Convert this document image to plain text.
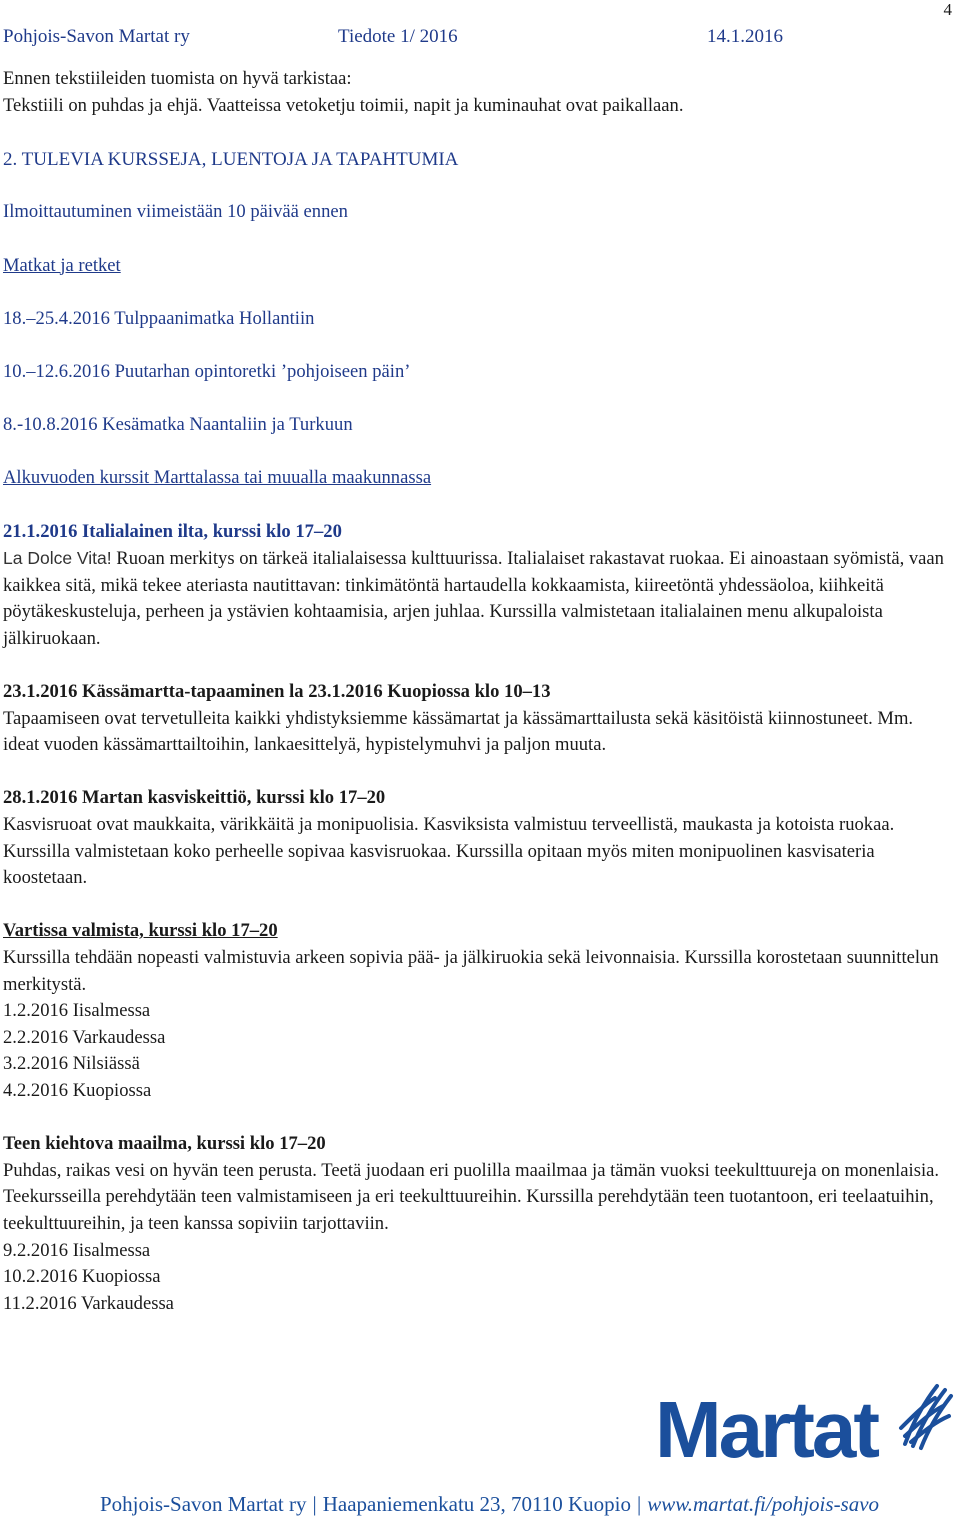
Pohjois-Savon Martat ry	Tiedote 1/ 2016	14.1.2016
4

Ennen tekstiileiden tuomista on hyvä tarkistaa:

Tekstiili on puhdas ja ehjä. Vaatteissa vetoketju toimii, napit ja kuminauhat ovat paikallaan.

2. TULEVIA KURSSEJA, LUENTOJA JA TAPAHTUMIA

Ilmoittautuminen viimeistään 10 päivää ennen

Matkat ja retket

18.–25.4.2016 Tulppaanimatka Hollantiin

10.–12.6.2016 Puutarhan opintoretki ’pohjoiseen päin’

8.-10.8.2016 Kesämatka Naantaliin ja Turkuun

Alkuvuoden kurssit Marttalassa tai muualla maakunnassa

21.1.2016 Italialainen ilta, kurssi klo 17–20

La Dolce Vita! Ruoan merkitys on tärkeä italialaisessa kulttuurissa. Italialaiset rakastavat ruokaa. Ei ainoastaan syömistä, vaan kaikkea sitä, mikä tekee ateriasta nautittavan: tinkimätöntä hartaudella kokkaamista, kiireetöntä yhdessäoloa, kiihkeitä pöytäkeskusteluja, perheen ja ystävien kohtaamisia, arjen juhlaa. Kurssilla valmistetaan italialainen menu alkupaloista jälkiruokaan.

23.1.2016 Kässämartta-tapaaminen la 23.1.2016 Kuopiossa klo 10–13

Tapaamiseen ovat tervetulleita kaikki yhdistyksiemme kässämartat ja kässämarttailusta sekä käsitöistä kiinnostuneet. Mm. ideat vuoden kässämarttailtoihin, lankaesittelyä, hypistelymuhvi ja paljon muuta.

28.1.2016 Martan kasviskeittiö, kurssi klo 17–20

Kasvisruoat ovat maukkaita, värikkäitä ja monipuolisia. Kasviksista valmistuu terveellistä, maukasta ja kotoista ruokaa. Kurssilla valmistetaan koko perheelle sopivaa kasvisruokaa. Kurssilla opitaan myös miten monipuolinen kasvisateria koostetaan.

Vartissa valmista, kurssi klo 17–20

Kurssilla tehdään nopeasti valmistuvia arkeen sopivia pää- ja jälkiruokia sekä leivonnaisia. Kurssilla korostetaan suunnittelun merkitystä.

1.2.2016 Iisalmessa

2.2.2016 Varkaudessa

3.2.2016 Nilsiässä

4.2.2016 Kuopiossa

Teen kiehtova maailma, kurssi klo 17–20

Puhdas, raikas vesi on hyvän teen perusta. Teetä juodaan eri puolilla maailmaa ja tämän vuoksi teekulttuureja on monenlaisia. Teekursseilla perehdytään teen valmistamiseen ja eri teekulttuureihin. Kurssilla perehdytään teen tuotantoon, eri teelaatuihin, teekulttuureihin, ja teen kanssa sopiviin tarjottaviin.

9.2.2016 Iisalmessa

10.2.2016 Kuopiossa

11.2.2016 Varkaudessa

Martat
Pohjois-Savon Martat ry | Haapaniemenkatu 23, 70110 Kuopio | www.martat.fi/pohjois-savo
